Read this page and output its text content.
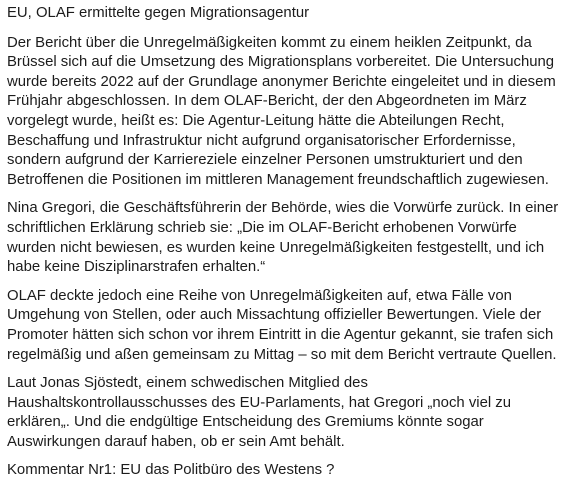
EU, OLAF ermittelte gegen Migrationsagentur

Der Bericht über die Unregelmäßigkeiten kommt zu einem heiklen Zeitpunkt, da Brüssel sich auf die Umsetzung des Migrationsplans vorbereitet. Die Untersuchung wurde bereits 2022 auf der Grundlage anonymer Berichte eingeleitet und in diesem Frühjahr abgeschlossen. In dem OLAF-Bericht, der den Abgeordneten im März vorgelegt wurde, heißt es: Die Agentur-Leitung hätte die Abteilungen Recht, Beschaffung und Infrastruktur nicht aufgrund organisatorischer Erfordernisse, sondern aufgrund der Karriereziele einzelner Personen umstrukturiert und den Betroffenen die Positionen im mittleren Management freundschaftlich zugewiesen.

Nina Gregori, die Geschäftsführerin der Behörde, wies die Vorwürfe zurück. In einer schriftlichen Erklärung schrieb sie: „Die im OLAF-Bericht erhobenen Vorwürfe wurden nicht bewiesen, es wurden keine Unregelmäßigkeiten festgestellt, und ich habe keine Disziplinarstrafen erhalten.“

OLAF deckte jedoch eine Reihe von Unregelmäßigkeiten auf, etwa Fälle von Umgehung von Stellen, oder auch Missachtung offizieller Bewertungen. Viele der Promoter hätten sich schon vor ihrem Eintritt in die Agentur gekannt, sie trafen sich regelmäßig und aßen gemeinsam zu Mittag – so mit dem Bericht vertraute Quellen.

Laut Jonas Sjöstedt, einem schwedischen Mitglied des Haushaltskontrollausschusses des EU-Parlaments, hat Gregori „noch viel zu erklären„. Und die endgültige Entscheidung des Gremiums könnte sogar Auswirkungen darauf haben, ob er sein Amt behält.

Kommentar Nr1: EU das Politbüro des Westens ?
